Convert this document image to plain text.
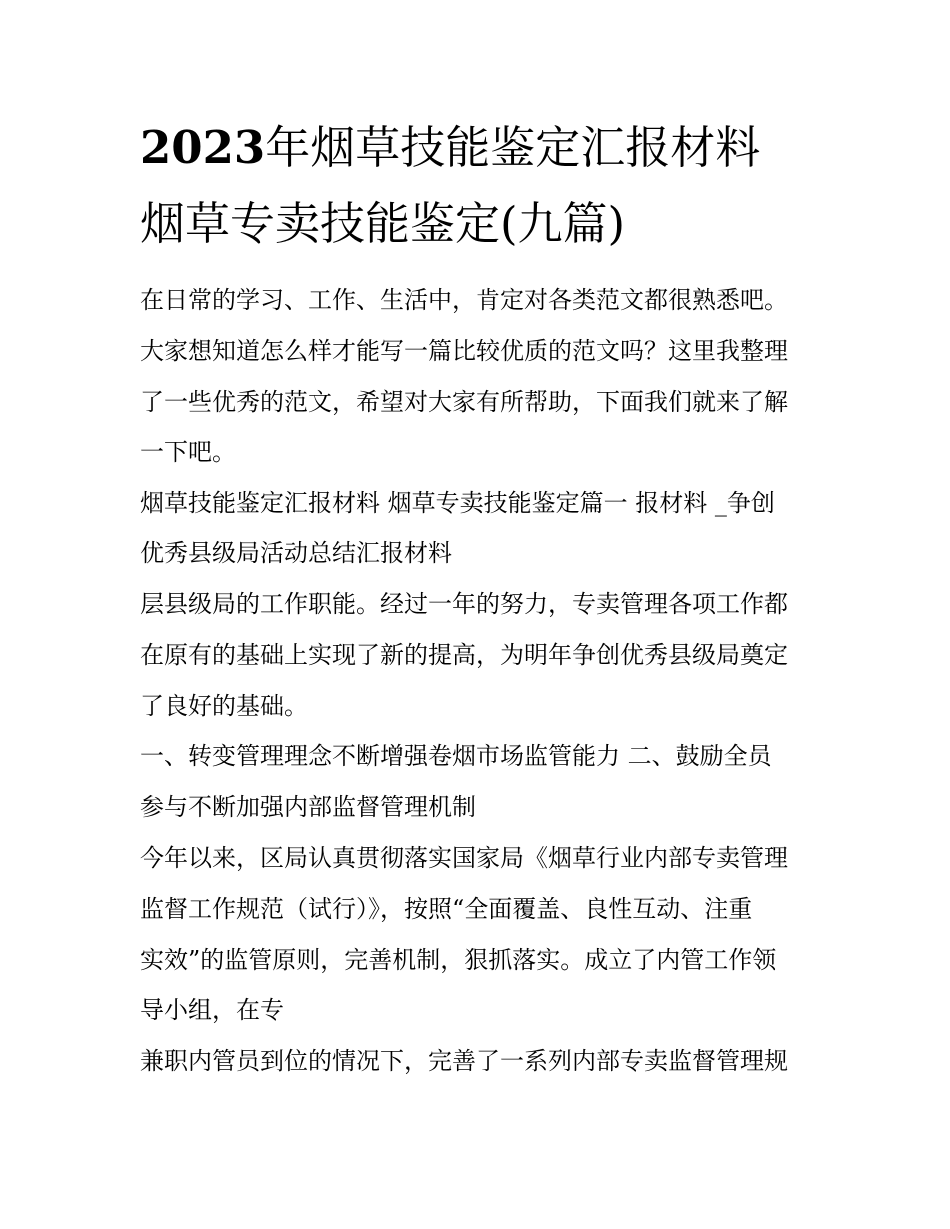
2023年烟草技能鉴定汇报材料
烟草专卖技能鉴定(九篇)
在日常的学习、工作、生活中，肯定对各类范文都很熟悉吧。
大家想知道怎么样才能写一篇比较优质的范文吗？这里我整理
了一些优秀的范文，希望对大家有所帮助，下面我们就来了解
一下吧。
烟草技能鉴定汇报材料 烟草专卖技能鉴定篇一 报材料 _争创
优秀县级局活动总结汇报材料
层县级局的工作职能。经过一年的努力，专卖管理各项工作都
在原有的基础上实现了新的提高，为明年争创优秀县级局奠定
了良好的基础。
一、转变管理理念不断增强卷烟市场监管能力 二、鼓励全员
参与不断加强内部监督管理机制
今年以来，区局认真贯彻落实国家局《烟草行业内部专卖管理
监督工作规范（试行）》，按照“全面覆盖、良性互动、注重
实效”的监管原则，完善机制，狠抓落实。成立了内管工作领
导小组，在专
兼职内管员到位的情况下，完善了一系列内部专卖监督管理规
